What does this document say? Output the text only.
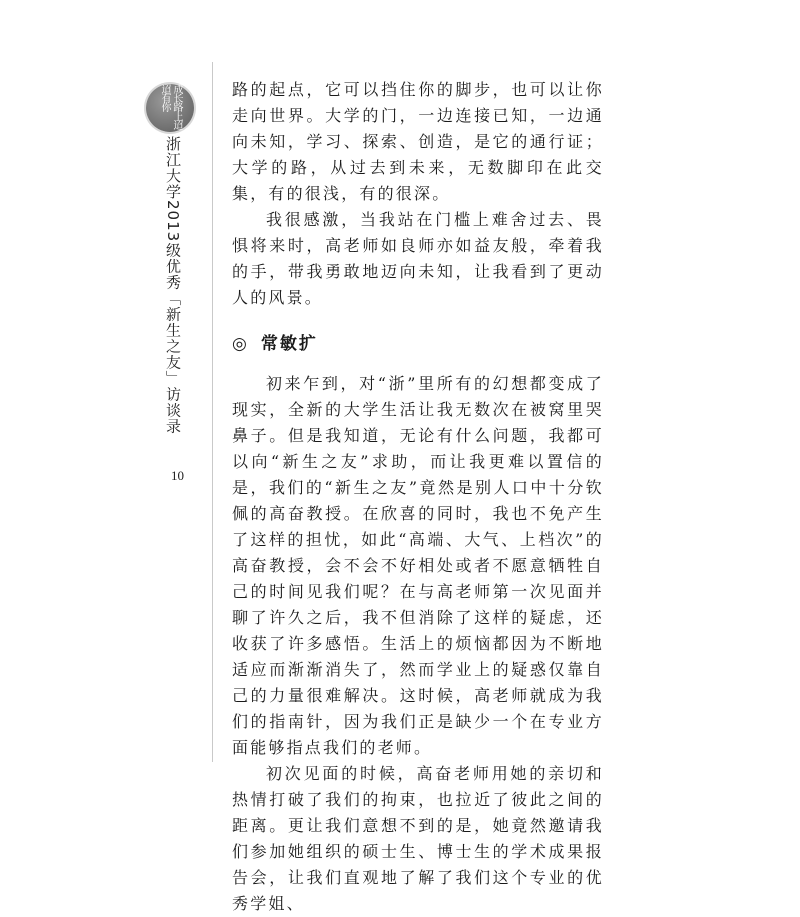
成长路上迢迢有你
浙江大学2013级优秀「新生之友」访谈录
10

路的起点，它可以挡住你的脚步，也可以让你走向世界。大学的门，一边连接已知，一边通向未知，学习、探索、创造，是它的通行证；大学的路，从过去到未来，无数脚印在此交集，有的很浅，有的很深。

我很感激，当我站在门槛上难舍过去、畏惧将来时，高老师如良师亦如益友般，牵着我的手，带我勇敢地迈向未知，让我看到了更动人的风景。

◎ 常敏扩

初来乍到，对“浙”里所有的幻想都变成了现实，全新的大学生活让我无数次在被窝里哭鼻子。但是我知道，无论有什么问题，我都可以向“新生之友”求助，而让我更难以置信的是，我们的“新生之友”竟然是别人口中十分钦佩的高奋教授。在欣喜的同时，我也不免产生了这样的担忧，如此“高端、大气、上档次”的高奋教授，会不会不好相处或者不愿意牺牲自己的时间见我们呢？在与高老师第一次见面并聊了许久之后，我不但消除了这样的疑虑，还收获了许多感悟。生活上的烦恼都因为不断地适应而渐渐消失了，然而学业上的疑惑仅靠自己的力量很难解决。这时候，高老师就成为我们的指南针，因为我们正是缺少一个在专业方面能够指点我们的老师。

初次见面的时候，高奋老师用她的亲切和热情打破了我们的拘束，也拉近了彼此之间的距离。更让我们意想不到的是，她竟然邀请我们参加她组织的硕士生、博士生的学术成果报告会，让我们直观地了解了我们这个专业的优秀学姐、
